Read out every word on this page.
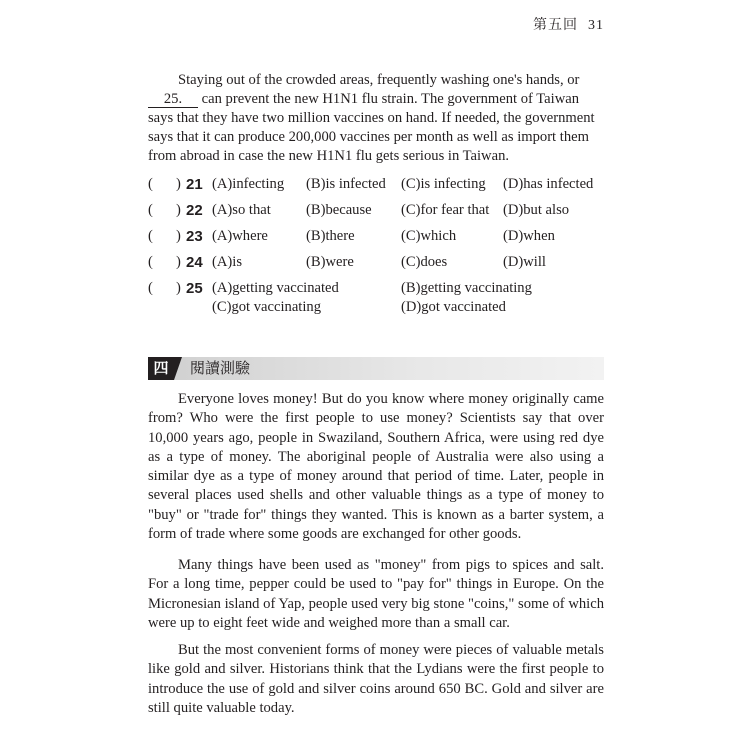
第五回 31

Staying out of the crowded areas, frequently washing one's hands, or

25. can prevent the new H1N1 flu strain. The government of Taiwan

says that they have two million vaccines on hand. If needed, the government

says that it can produce 200,000 vaccines per month as well as import them

from abroad in case the new H1N1 flu gets serious in Taiwan.

( ) 21 (A)infecting (B)is infected (C)is infecting (D)has infected
( ) 22 (A)so that (B)because (C)for fear that (D)but also
( ) 23 (A)where	(B)there	(C)which	(D)when
( ) 24 (A)is	(B)were	(C)does	(D)will
( ) 25 (A)getting vaccinated	(B)getting vaccinating
(C)got vaccinating	(D)got vaccinated
四	閱讀測驗

Everyone loves money! But do you know where money originally came from? Who were the first people to use money? Scientists say that over 10,000 years ago, people in Swaziland, Southern Africa, were using red dye as a type of money. The aboriginal people of Australia were also using a similar dye as a type of money around that period of time. Later, people in several places used shells and other valuable things as a type of money to "buy" or "trade for" things they wanted. This is known as a barter system, a form of trade where some goods are exchanged for other goods.

Many things have been used as "money" from pigs to spices and salt. For a long time, pepper could be used to "pay for" things in Europe. On the Micronesian island of Yap, people used very big stone "coins," some of which were up to eight feet wide and weighed more than a small car.

But the most convenient forms of money were pieces of valuable metals like gold and silver. Historians think that the Lydians were the first people to introduce the use of gold and silver coins around 650 BC. Gold and silver are still quite valuable today.
